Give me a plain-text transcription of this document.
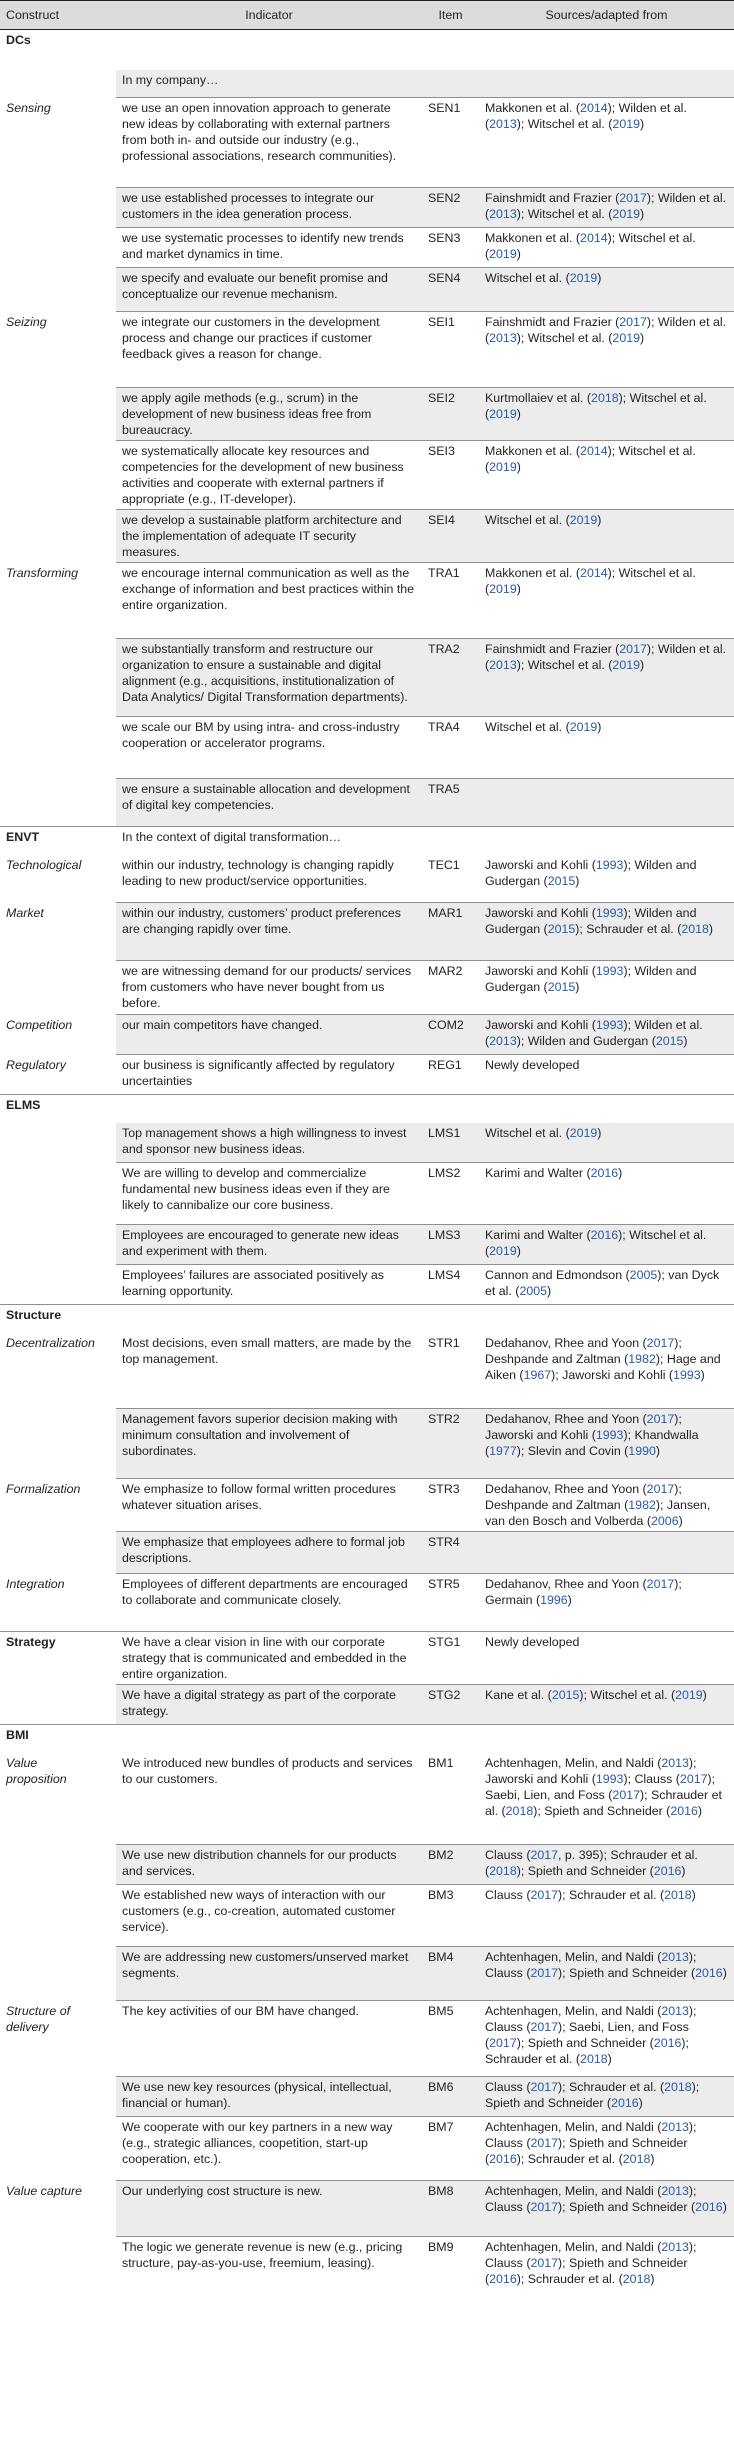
Construct	Indicator	Item	Sources/adapted from
DCs			
	In my company…		
Sensing	we use an open innovation approach to generate new ideas by collaborating with external partners from both in- and outside our industry (e.g., professional associations, research communities).	SEN1	Makkonen et al. (2014); Wilden et al. (2013); Witschel et al. (2019)
	we use established processes to integrate our customers in the idea generation process.	SEN2	Fainshmidt and Frazier (2017); Wilden et al. (2013); Witschel et al. (2019)
	we use systematic processes to identify new trends and market dynamics in time.	SEN3	Makkonen et al. (2014); Witschel et al. (2019)
	we specify and evaluate our benefit promise and conceptualize our revenue mechanism.	SEN4	Witschel et al. (2019)
Seizing	we integrate our customers in the development process and change our practices if customer feedback gives a reason for change.	SEI1	Fainshmidt and Frazier (2017); Wilden et al. (2013); Witschel et al. (2019)
	we apply agile methods (e.g., scrum) in the development of new business ideas free from bureaucracy.	SEI2	Kurtmollaiev et al. (2018); Witschel et al. (2019)
	we systematically allocate key resources and competencies for the development of new business activities and cooperate with external partners if appropriate (e.g., IT-developer).	SEI3	Makkonen et al. (2014); Witschel et al. (2019)
	we develop a sustainable platform architecture and the implementation of adequate IT security measures.	SEI4	Witschel et al. (2019)
Transforming	we encourage internal communication as well as the exchange of information and best practices within the entire organization.	TRA1	Makkonen et al. (2014); Witschel et al. (2019)
	we substantially transform and restructure our organization to ensure a sustainable and digital alignment (e.g., acquisitions, institutionalization of Data Analytics/ Digital Transformation departments).	TRA2	Fainshmidt and Frazier (2017); Wilden et al. (2013); Witschel et al. (2019)
	we scale our BM by using intra- and cross-industry cooperation or accelerator programs.	TRA4	Witschel et al. (2019)
	we ensure a sustainable allocation and development of digital key competencies.	TRA5	
ENVT	In the context of digital transformation…		
Technological	within our industry, technology is changing rapidly leading to new product/service opportunities.	TEC1	Jaworski and Kohli (1993); Wilden and Gudergan (2015)
Market	within our industry, customers’ product preferences are changing rapidly over time.	MAR1	Jaworski and Kohli (1993); Wilden and Gudergan (2015); Schrauder et al. (2018)
	we are witnessing demand for our products/ services from customers who have never bought from us before.	MAR2	Jaworski and Kohli (1993); Wilden and Gudergan (2015)
Competition	our main competitors have changed.	COM2	Jaworski and Kohli (1993); Wilden et al. (2013); Wilden and Gudergan (2015)
Regulatory	our business is significantly affected by regulatory uncertainties	REG1	Newly developed
ELMS			
	Top management shows a high willingness to invest and sponsor new business ideas.	LMS1	Witschel et al. (2019)
	We are willing to develop and commercialize fundamental new business ideas even if they are likely to cannibalize our core business.	LMS2	Karimi and Walter (2016)
	Employees are encouraged to generate new ideas and experiment with them.	LMS3	Karimi and Walter (2016); Witschel et al. (2019)
	Employees’ failures are associated positively as learning opportunity.	LMS4	Cannon and Edmondson (2005); van Dyck et al. (2005)
Structure			
Decentralization	Most decisions, even small matters, are made by the top management.	STR1	Dedahanov, Rhee and Yoon (2017); Deshpande and Zaltman (1982); Hage and Aiken (1967); Jaworski and Kohli (1993)
	Management favors superior decision making with minimum consultation and involvement of subordinates.	STR2	Dedahanov, Rhee and Yoon (2017); Jaworski and Kohli (1993); Khandwalla (1977); Slevin and Covin (1990)
Formalization	We emphasize to follow formal written procedures whatever situation arises.	STR3	Dedahanov, Rhee and Yoon (2017); Deshpande and Zaltman (1982); Jansen, van den Bosch and Volberda (2006)
	We emphasize that employees adhere to formal job descriptions.	STR4	
Integration	Employees of different departments are encouraged to collaborate and communicate closely.	STR5	Dedahanov, Rhee and Yoon (2017); Germain (1996)
Strategy	We have a clear vision in line with our corporate strategy that is communicated and embedded in the entire organization.	STG1	Newly developed
	We have a digital strategy as part of the corporate strategy.	STG2	Kane et al. (2015); Witschel et al. (2019)
BMI			
Value
proposition	We introduced new bundles of products and services to our customers.	BM1	Achtenhagen, Melin, and Naldi (2013); Jaworski and Kohli (1993); Clauss (2017); Saebi, Lien, and Foss (2017); Schrauder et al. (2018); Spieth and Schneider (2016)
	We use new distribution channels for our products and services.	BM2	Clauss (2017, p. 395); Schrauder et al. (2018); Spieth and Schneider (2016)
	We established new ways of interaction with our customers (e.g., co-creation, automated customer service).	BM3	Clauss (2017); Schrauder et al. (2018)
	We are addressing new customers/unserved market segments.	BM4	Achtenhagen, Melin, and Naldi (2013); Clauss (2017); Spieth and Schneider (2016)
Structure of
delivery	The key activities of our BM have changed.	BM5	Achtenhagen, Melin, and Naldi (2013); Clauss (2017); Saebi, Lien, and Foss (2017); Spieth and Schneider (2016); Schrauder et al. (2018)
	We use new key resources (physical, intellectual, financial or human).	BM6	Clauss (2017); Schrauder et al. (2018); Spieth and Schneider (2016)
	We cooperate with our key partners in a new way (e.g., strategic alliances, coopetition, start-up cooperation, etc.).	BM7	Achtenhagen, Melin, and Naldi (2013); Clauss (2017); Spieth and Schneider (2016); Schrauder et al. (2018)
Value capture	Our underlying cost structure is new.	BM8	Achtenhagen, Melin, and Naldi (2013); Clauss (2017); Spieth and Schneider (2016)
	The logic we generate revenue is new (e.g., pricing structure, pay-as-you-use, freemium, leasing).	BM9	Achtenhagen, Melin, and Naldi (2013); Clauss (2017); Spieth and Schneider (2016); Schrauder et al. (2018)
